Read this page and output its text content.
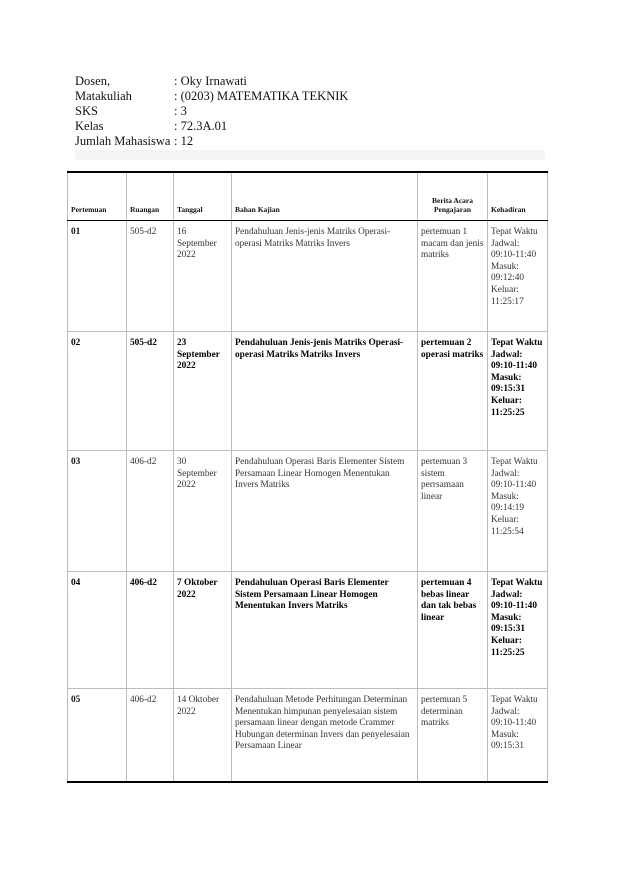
Dosen,	: Oky Irnawati
Matakuliah	: (0203) MATEMATIKA TEKNIK
SKS	: 3
Kelas	: 72.3A.01
Jumlah Mahasiswa : 12
Pertemuan	Ruangan	Tanggal	Bahan Kajian	Berita Acara Pengajaran	Kehadiran
01	505-d2	16 September 2022	Pendahuluan Jenis-jenis Matriks Operasi-operasi Matriks Matriks Invers	pertemuan 1 macam dan jenis matriks	Tepat Waktu Jadwal: 09:10-11:40 Masuk: 09:12:40 Keluar: 11:25:17
02	505-d2	23 September 2022	Pendahuluan Jenis-jenis Matriks Operasi-operasi Matriks Matriks Invers	pertemuan 2 operasi matriks	Tepat Waktu Jadwal: 09:10-11:40 Masuk: 09:15:31 Keluar: 11:25:25
03	406-d2	30 September 2022	Pendahuluan Operasi Baris Elementer Sistem Persamaan Linear Homogen Menentukan Invers Matriks	pertemuan 3 sistem perrsamaan linear	Tepat Waktu Jadwal: 09:10-11:40 Masuk: 09:14:19 Keluar: 11:25:54
04	406-d2	7 Oktober 2022	Pendahuluan Operasi Baris Elementer Sistem Persamaan Linear Homogen Menentukan Invers Matriks	pertemuan 4 bebas linear dan tak bebas linear	Tepat Waktu Jadwal: 09:10-11:40 Masuk: 09:15:31 Keluar: 11:25:25
05	406-d2	14 Oktober 2022	Pendahuluan Metode Perhitungan Determinan Menentukan himpunan penyelesaian sistem persamaan linear dengan metode Crammer Hubungan determinan Invers dan penyelesaian Persamaan Linear	pertemuan 5 determinan matriks	Tepat Waktu Jadwal: 09:10-11:40 Masuk: 09:15:31
